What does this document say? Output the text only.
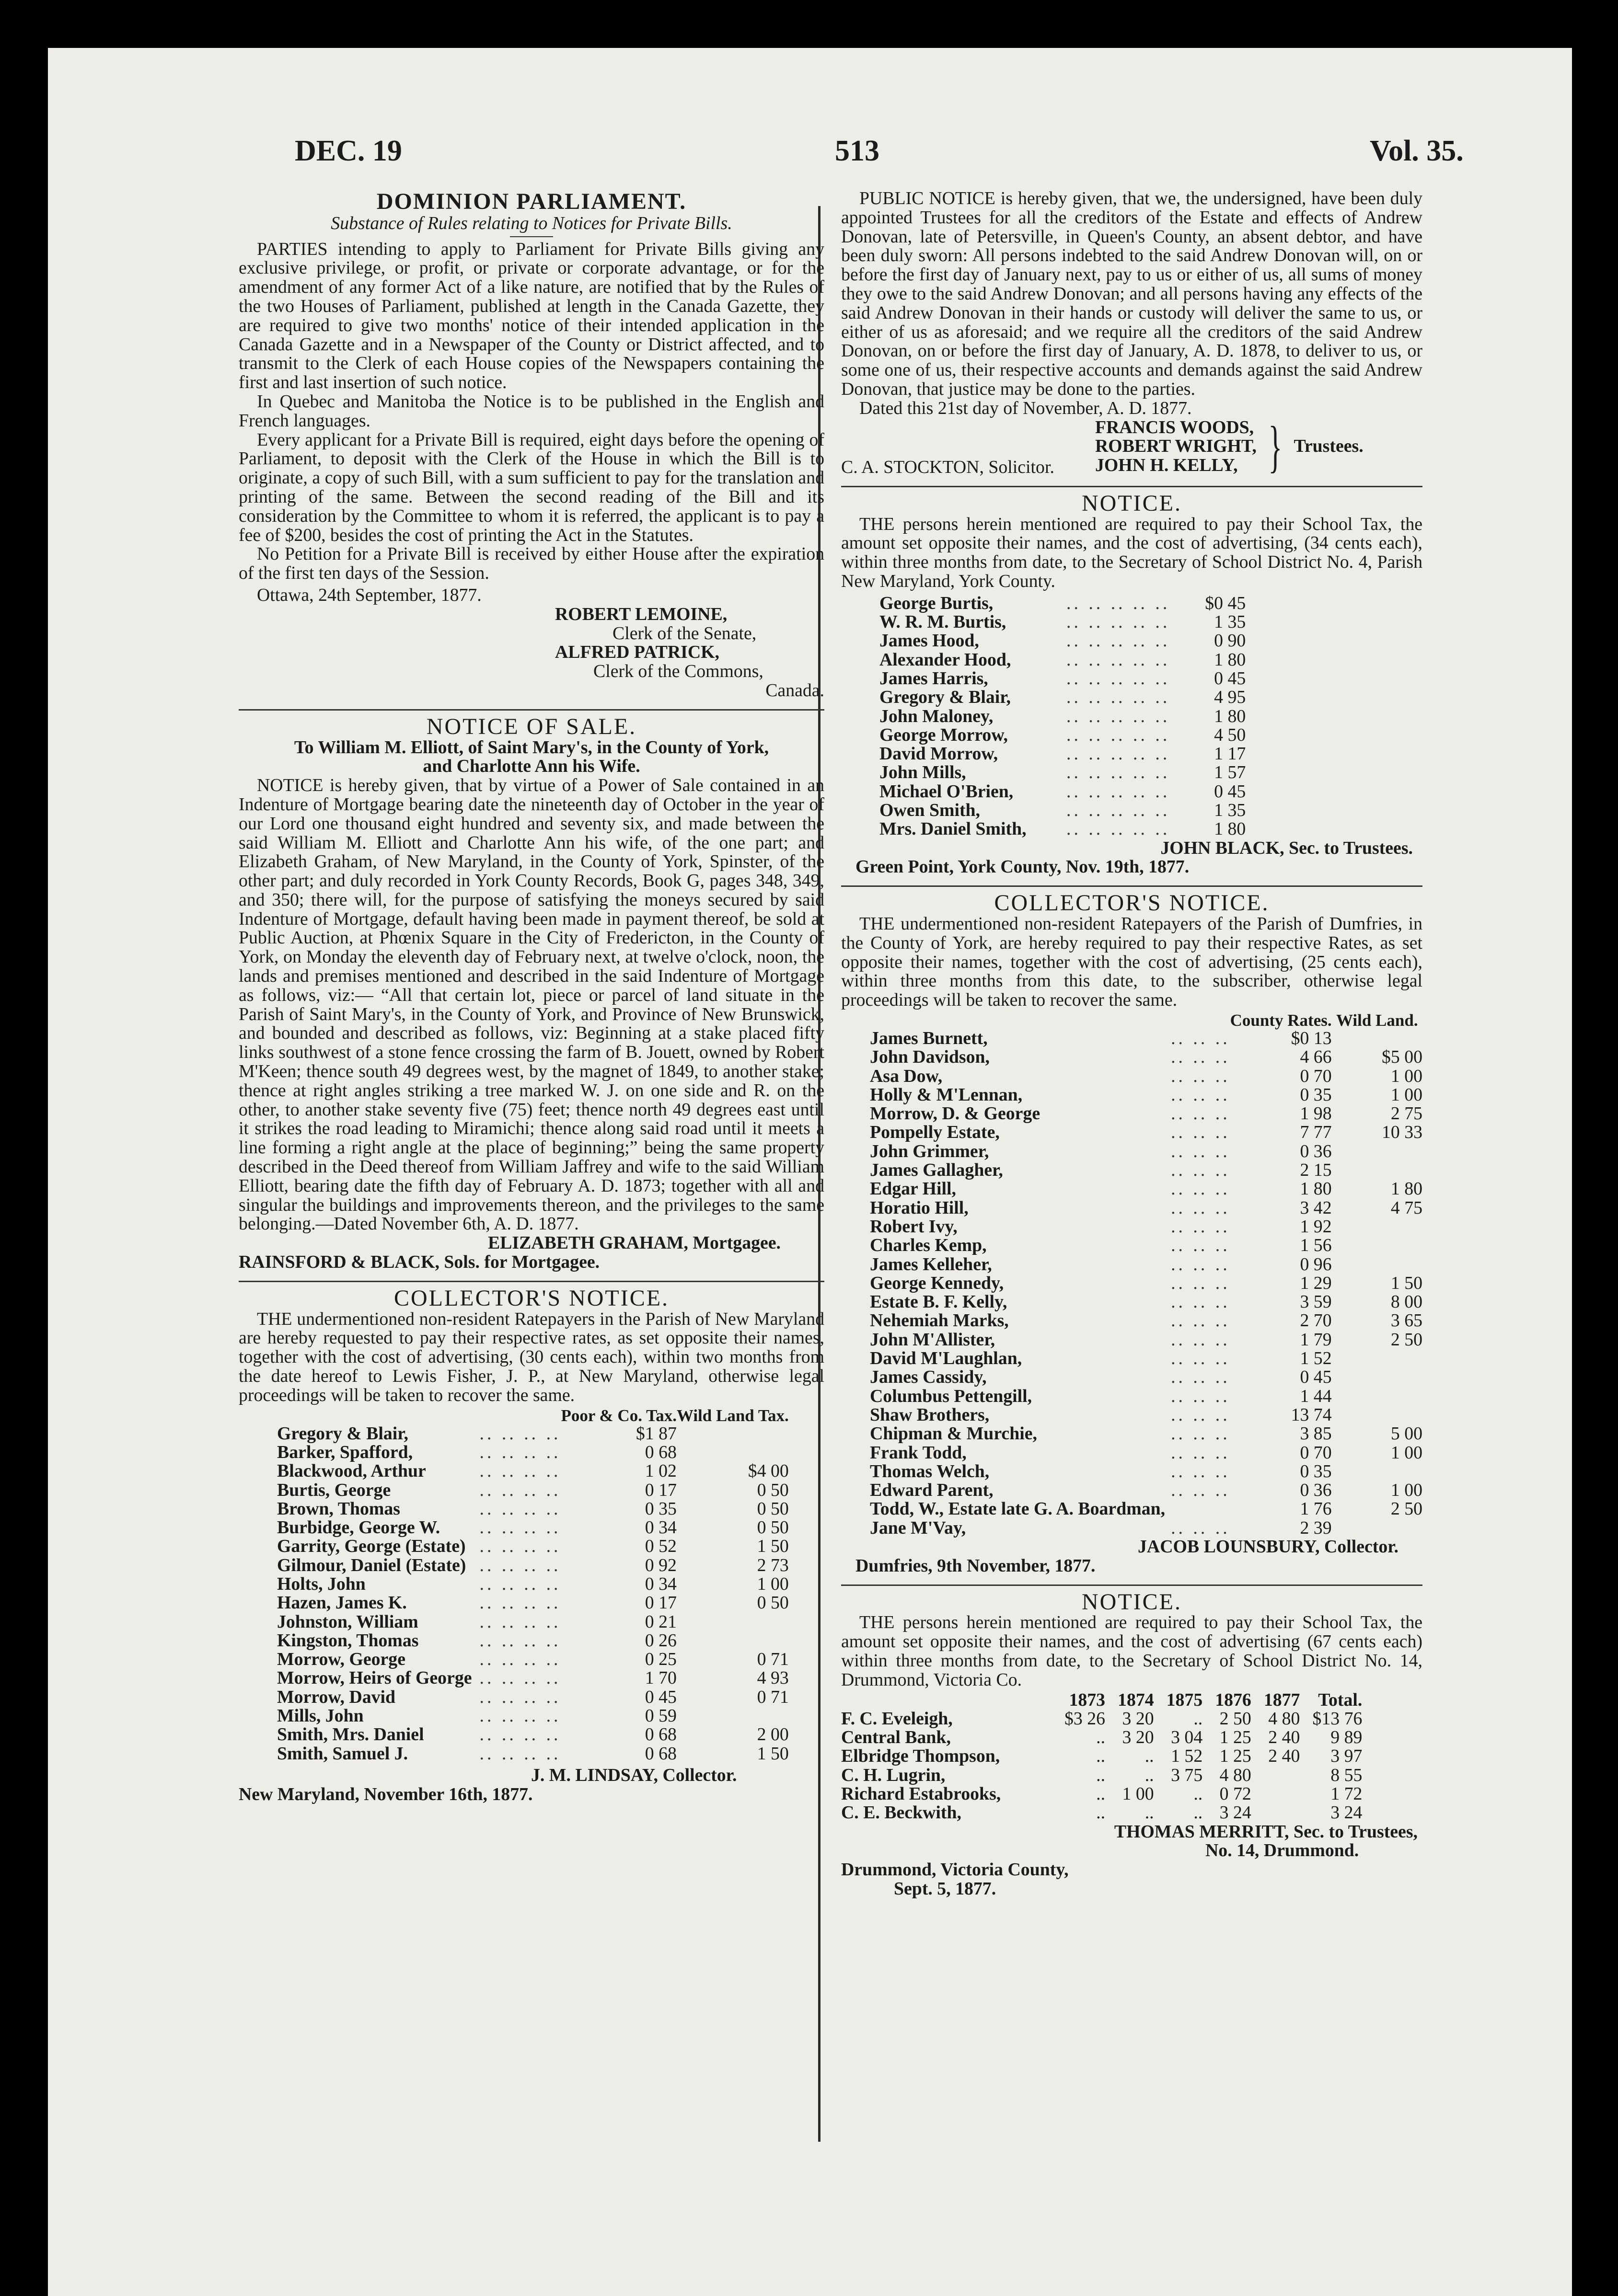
DEC. 19	513	Vol. 35.
DOMINION PARLIAMENT.

Substance of Rules relating to Notices for Private Bills.

PARTIES intending to apply to Parliament for Private Bills giving any exclusive privilege, or profit, or private or corporate advantage, or for the amendment of any former Act of a like nature, are notified that by the Rules of the two Houses of Parliament, published at length in the Canada Gazette, they are required to give two months' notice of their intended application in the Canada Gazette and in a Newspaper of the County or District affected, and to transmit to the Clerk of each House copies of the Newspapers containing the first and last insertion of such notice.

In Quebec and Manitoba the Notice is to be published in the English and French languages.

Every applicant for a Private Bill is required, eight days before the opening of Parliament, to deposit with the Clerk of the House in which the Bill is to originate, a copy of such Bill, with a sum sufficient to pay for the translation and printing of the same. Between the second reading of the Bill and its consideration by the Committee to whom it is referred, the applicant is to pay a fee of $200, besides the cost of printing the Act in the Statutes.

No Petition for a Private Bill is received by either House after the expiration of the first ten days of the Session.

Ottawa, 24th September, 1877.

ROBERT LEMOINE,

Clerk of the Senate,

ALFRED PATRICK,

Clerk of the Commons,

Canada.

NOTICE OF SALE.

To William M. Elliott, of Saint Mary's, in the County of York,

and Charlotte Ann his Wife.

NOTICE is hereby given, that by virtue of a Power of Sale contained in an Indenture of Mortgage bearing date the nineteenth day of October in the year of our Lord one thousand eight hundred and seventy six, and made between the said William M. Elliott and Charlotte Ann his wife, of the one part; and Elizabeth Graham, of New Maryland, in the County of York, Spinster, of the other part; and duly recorded in York County Records, Book G, pages 348, 349, and 350; there will, for the purpose of satisfying the moneys secured by said Indenture of Mortgage, default having been made in payment thereof, be sold at Public Auction, at Phœnix Square in the City of Fredericton, in the County of York, on Monday the eleventh day of February next, at twelve o'clock, noon, the lands and premises mentioned and described in the said Indenture of Mortgage as follows, viz:— “All that certain lot, piece or parcel of land situate in the Parish of Saint Mary's, in the County of York, and Province of New Brunswick, and bounded and described as follows, viz: Beginning at a stake placed fifty links southwest of a stone fence crossing the farm of B. Jouett, owned by Robert M'Keen; thence south 49 degrees west, by the magnet of 1849, to another stake; thence at right angles striking a tree marked W. J. on one side and R. on the other, to another stake seventy five (75) feet; thence north 49 degrees east until it strikes the road leading to Miramichi; thence along said road until it meets a line forming a right angle at the place of beginning;” being the same property described in the Deed thereof from William Jaffrey and wife to the said William Elliott, bearing date the fifth day of February A. D. 1873; together with all and singular the buildings and improvements thereon, and the privileges to the same belonging.—Dated November 6th, A. D. 1877.

ELIZABETH GRAHAM, Mortgagee.

RAINSFORD & BLACK, Sols. for Mortgagee.

COLLECTOR'S NOTICE.

THE undermentioned non-resident Ratepayers in the Parish of New Maryland are hereby requested to pay their respective rates, as set opposite their names, together with the cost of advertising, (30 cents each), within two months from the date hereof to Lewis Fisher, J. P., at New Maryland, otherwise legal proceedings will be taken to recover the same.

		Poor & Co. Tax.	Wild Land Tax.
Gregory & Blair,	.. .. .. ..	$1 87	
Barker, Spafford,	.. .. .. ..	0 68	
Blackwood, Arthur	.. .. .. ..	1 02	$4 00
Burtis, George	.. .. .. ..	0 17	0 50
Brown, Thomas	.. .. .. ..	0 35	0 50
Burbidge, George W.	.. .. .. ..	0 34	0 50
Garrity, George (Estate)	.. .. .. ..	0 52	1 50
Gilmour, Daniel (Estate)	.. .. .. ..	0 92	2 73
Holts, John	.. .. .. ..	0 34	1 00
Hazen, James K.	.. .. .. ..	0 17	0 50
Johnston, William	.. .. .. ..	0 21	
Kingston, Thomas	.. .. .. ..	0 26	
Morrow, George	.. .. .. ..	0 25	0 71
Morrow, Heirs of George	.. .. .. ..	1 70	4 93
Morrow, David	.. .. .. ..	0 45	0 71
Mills, John	.. .. .. ..	0 59	
Smith, Mrs. Daniel	.. .. .. ..	0 68	2 00
Smith, Samuel J.	.. .. .. ..	0 68	1 50

J. M. LINDSAY, Collector.

New Maryland, November 16th, 1877.

PUBLIC NOTICE is hereby given, that we, the undersigned, have been duly appointed Trustees for all the creditors of the Estate and effects of Andrew Donovan, late of Petersville, in Queen's County, an absent debtor, and have been duly sworn: All persons indebted to the said Andrew Donovan will, on or before the first day of January next, pay to us or either of us, all sums of money they owe to the said Andrew Donovan; and all persons having any effects of the said Andrew Donovan in their hands or custody will deliver the same to us, or either of us as aforesaid; and we require all the creditors of the said Andrew Donovan, on or before the first day of January, A. D. 1878, to deliver to us, or some one of us, their respective accounts and demands against the said Andrew Donovan, that justice may be done to the parties.

Dated this 21st day of November, A. D. 1877.

FRANCIS WOODS,
ROBERT WRIGHT,
JOHN H. KELLY, } Trustees.

C. A. STOCKTON, Solicitor.

NOTICE.

THE persons herein mentioned are required to pay their School Tax, the amount set opposite their names, and the cost of advertising, (34 cents each), within three months from date, to the Secretary of School District No. 4, Parish New Maryland, York County.

George Burtis,	.. .. .. .. ..	$0 45
W. R. M. Burtis,	.. .. .. .. ..	1 35
James Hood,	.. .. .. .. ..	0 90
Alexander Hood,	.. .. .. .. ..	1 80
James Harris,	.. .. .. .. ..	0 45
Gregory & Blair,	.. .. .. .. ..	4 95
John Maloney,	.. .. .. .. ..	1 80
George Morrow,	.. .. .. .. ..	4 50
David Morrow,	.. .. .. .. ..	1 17
John Mills,	.. .. .. .. ..	1 57
Michael O'Brien,	.. .. .. .. ..	0 45
Owen Smith,	.. .. .. .. ..	1 35
Mrs. Daniel Smith,	.. .. .. .. ..	1 80

JOHN BLACK, Sec. to Trustees.

Green Point, York County, Nov. 19th, 1877.

COLLECTOR'S NOTICE.

THE undermentioned non-resident Ratepayers of the Parish of Dumfries, in the County of York, are hereby required to pay their respective Rates, as set opposite their names, together with the cost of advertising, (25 cents each), within three months from this date, to the subscriber, otherwise legal proceedings will be taken to recover the same.

		County Rates.	Wild Land.
James Burnett,	.. .. ..	$0 13	
John Davidson,	.. .. ..	4 66	$5 00
Asa Dow,	.. .. ..	0 70	1 00
Holly & M'Lennan,	.. .. ..	0 35	1 00
Morrow, D. & George	.. .. ..	1 98	2 75
Pompelly Estate,	.. .. ..	7 77	10 33
John Grimmer,	.. .. ..	0 36	
James Gallagher,	.. .. ..	2 15	
Edgar Hill,	.. .. ..	1 80	1 80
Horatio Hill,	.. .. ..	3 42	4 75
Robert Ivy,	.. .. ..	1 92	
Charles Kemp,	.. .. ..	1 56	
James Kelleher,	.. .. ..	0 96	
George Kennedy,	.. .. ..	1 29	1 50
Estate B. F. Kelly,	.. .. ..	3 59	8 00
Nehemiah Marks,	.. .. ..	2 70	3 65
John M'Allister,	.. .. ..	1 79	2 50
David M'Laughlan,	.. .. ..	1 52	
James Cassidy,	.. .. ..	0 45	
Columbus Pettengill,	.. .. ..	1 44	
Shaw Brothers,	.. .. ..	13 74	
Chipman & Murchie,	.. .. ..	3 85	5 00
Frank Todd,	.. .. ..	0 70	1 00
Thomas Welch,	.. .. ..	0 35	
Edward Parent,	.. .. ..	0 36	1 00
Todd, W., Estate late G. A. Boardman,		1 76	2 50
Jane M'Vay,	.. .. ..	2 39	

JACOB LOUNSBURY, Collector.

Dumfries, 9th November, 1877.

NOTICE.

THE persons herein mentioned are required to pay their School Tax, the amount set opposite their names, and the cost of advertising (67 cents each) within three months from date, to the Secretary of School District No. 14, Drummond, Victoria Co.

	1873	1874	1875	1876	1877	Total.
F. C. Eveleigh,	$3 26	3 20	..	2 50	4 80	$13 76
Central Bank,	..	3 20	3 04	1 25	2 40	9 89
Elbridge Thompson,	..	..	1 52	1 25	2 40	3 97
C. H. Lugrin,	..	..	3 75	4 80		8 55
Richard Estabrooks,	..	1 00	..	0 72		1 72
C. E. Beckwith,	..	..	..	3 24		3 24

THOMAS MERRITT, Sec. to Trustees,

No. 14, Drummond.

Drummond, Victoria County,

Sept. 5, 1877.
